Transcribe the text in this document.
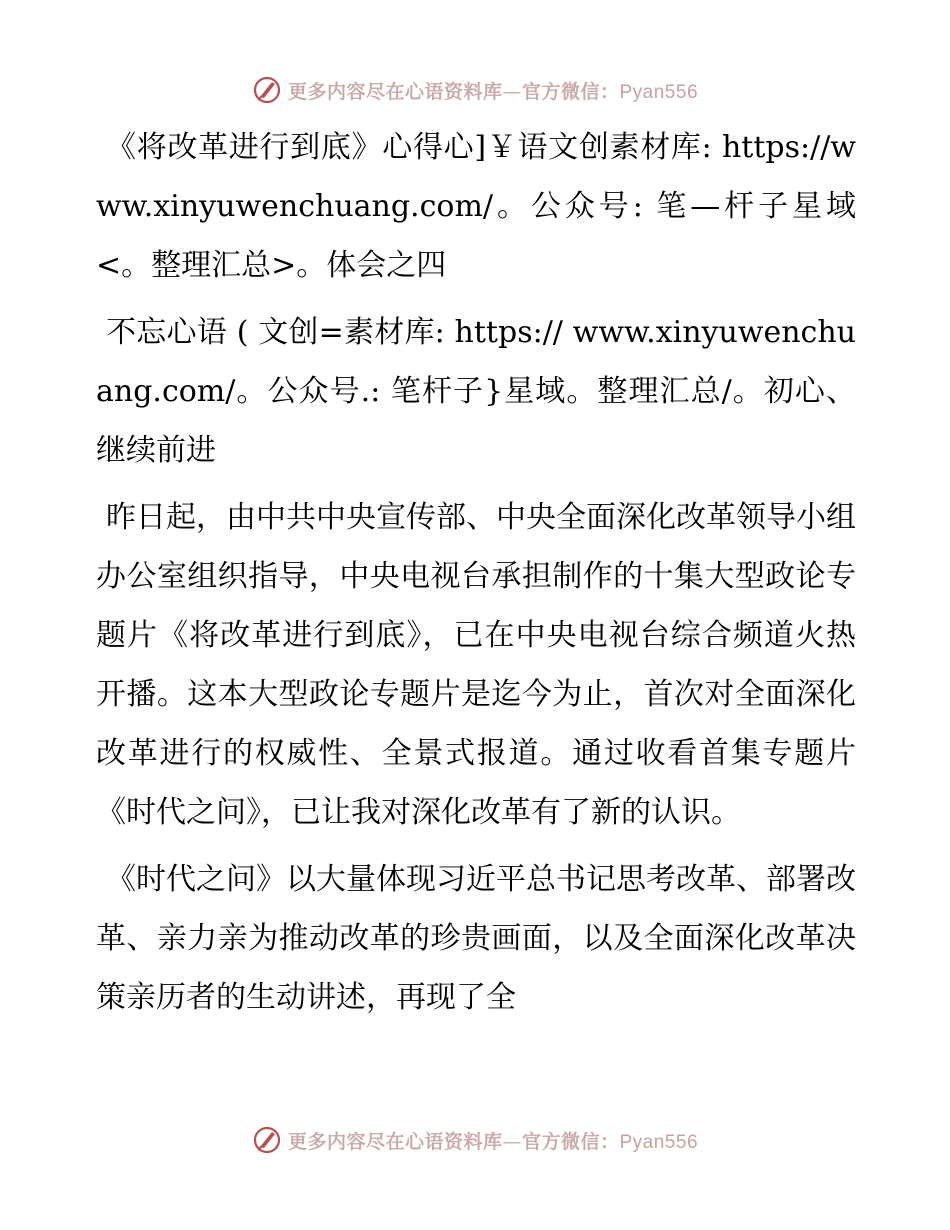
更多内容尽在心语资料库—官方微信：Pyan556

《将改革进行到底》心得心]￥语文创素材库: https://www.xinyuwenchuang.com/。公众号: 笔—杆子星域<。整理汇总>。体会之四

不忘心语 ( 文创=素材库: https:// www.xinyuwenchuang.com/。公众号.: 笔杆子}星域。整理汇总/。初心、继续前进

昨日起，由中共中央宣传部、中央全面深化改革领导小组办公室组织指导，中央电视台承担制作的十集大型政论专题片《将改革进行到底》，已在中央电视台综合频道火热开播。这本大型政论专题片是迄今为止，首次对全面深化改革进行的权威性、全景式报道。通过收看首集专题片《时代之问》，已让我对深化改革有了新的认识。

《时代之问》以大量体现习近平总书记思考改革、部署改革、亲力亲为推动改革的珍贵画面，以及全面深化改革决策亲历者的生动讲述，再现了全

更多内容尽在心语资料库—官方微信：Pyan556
